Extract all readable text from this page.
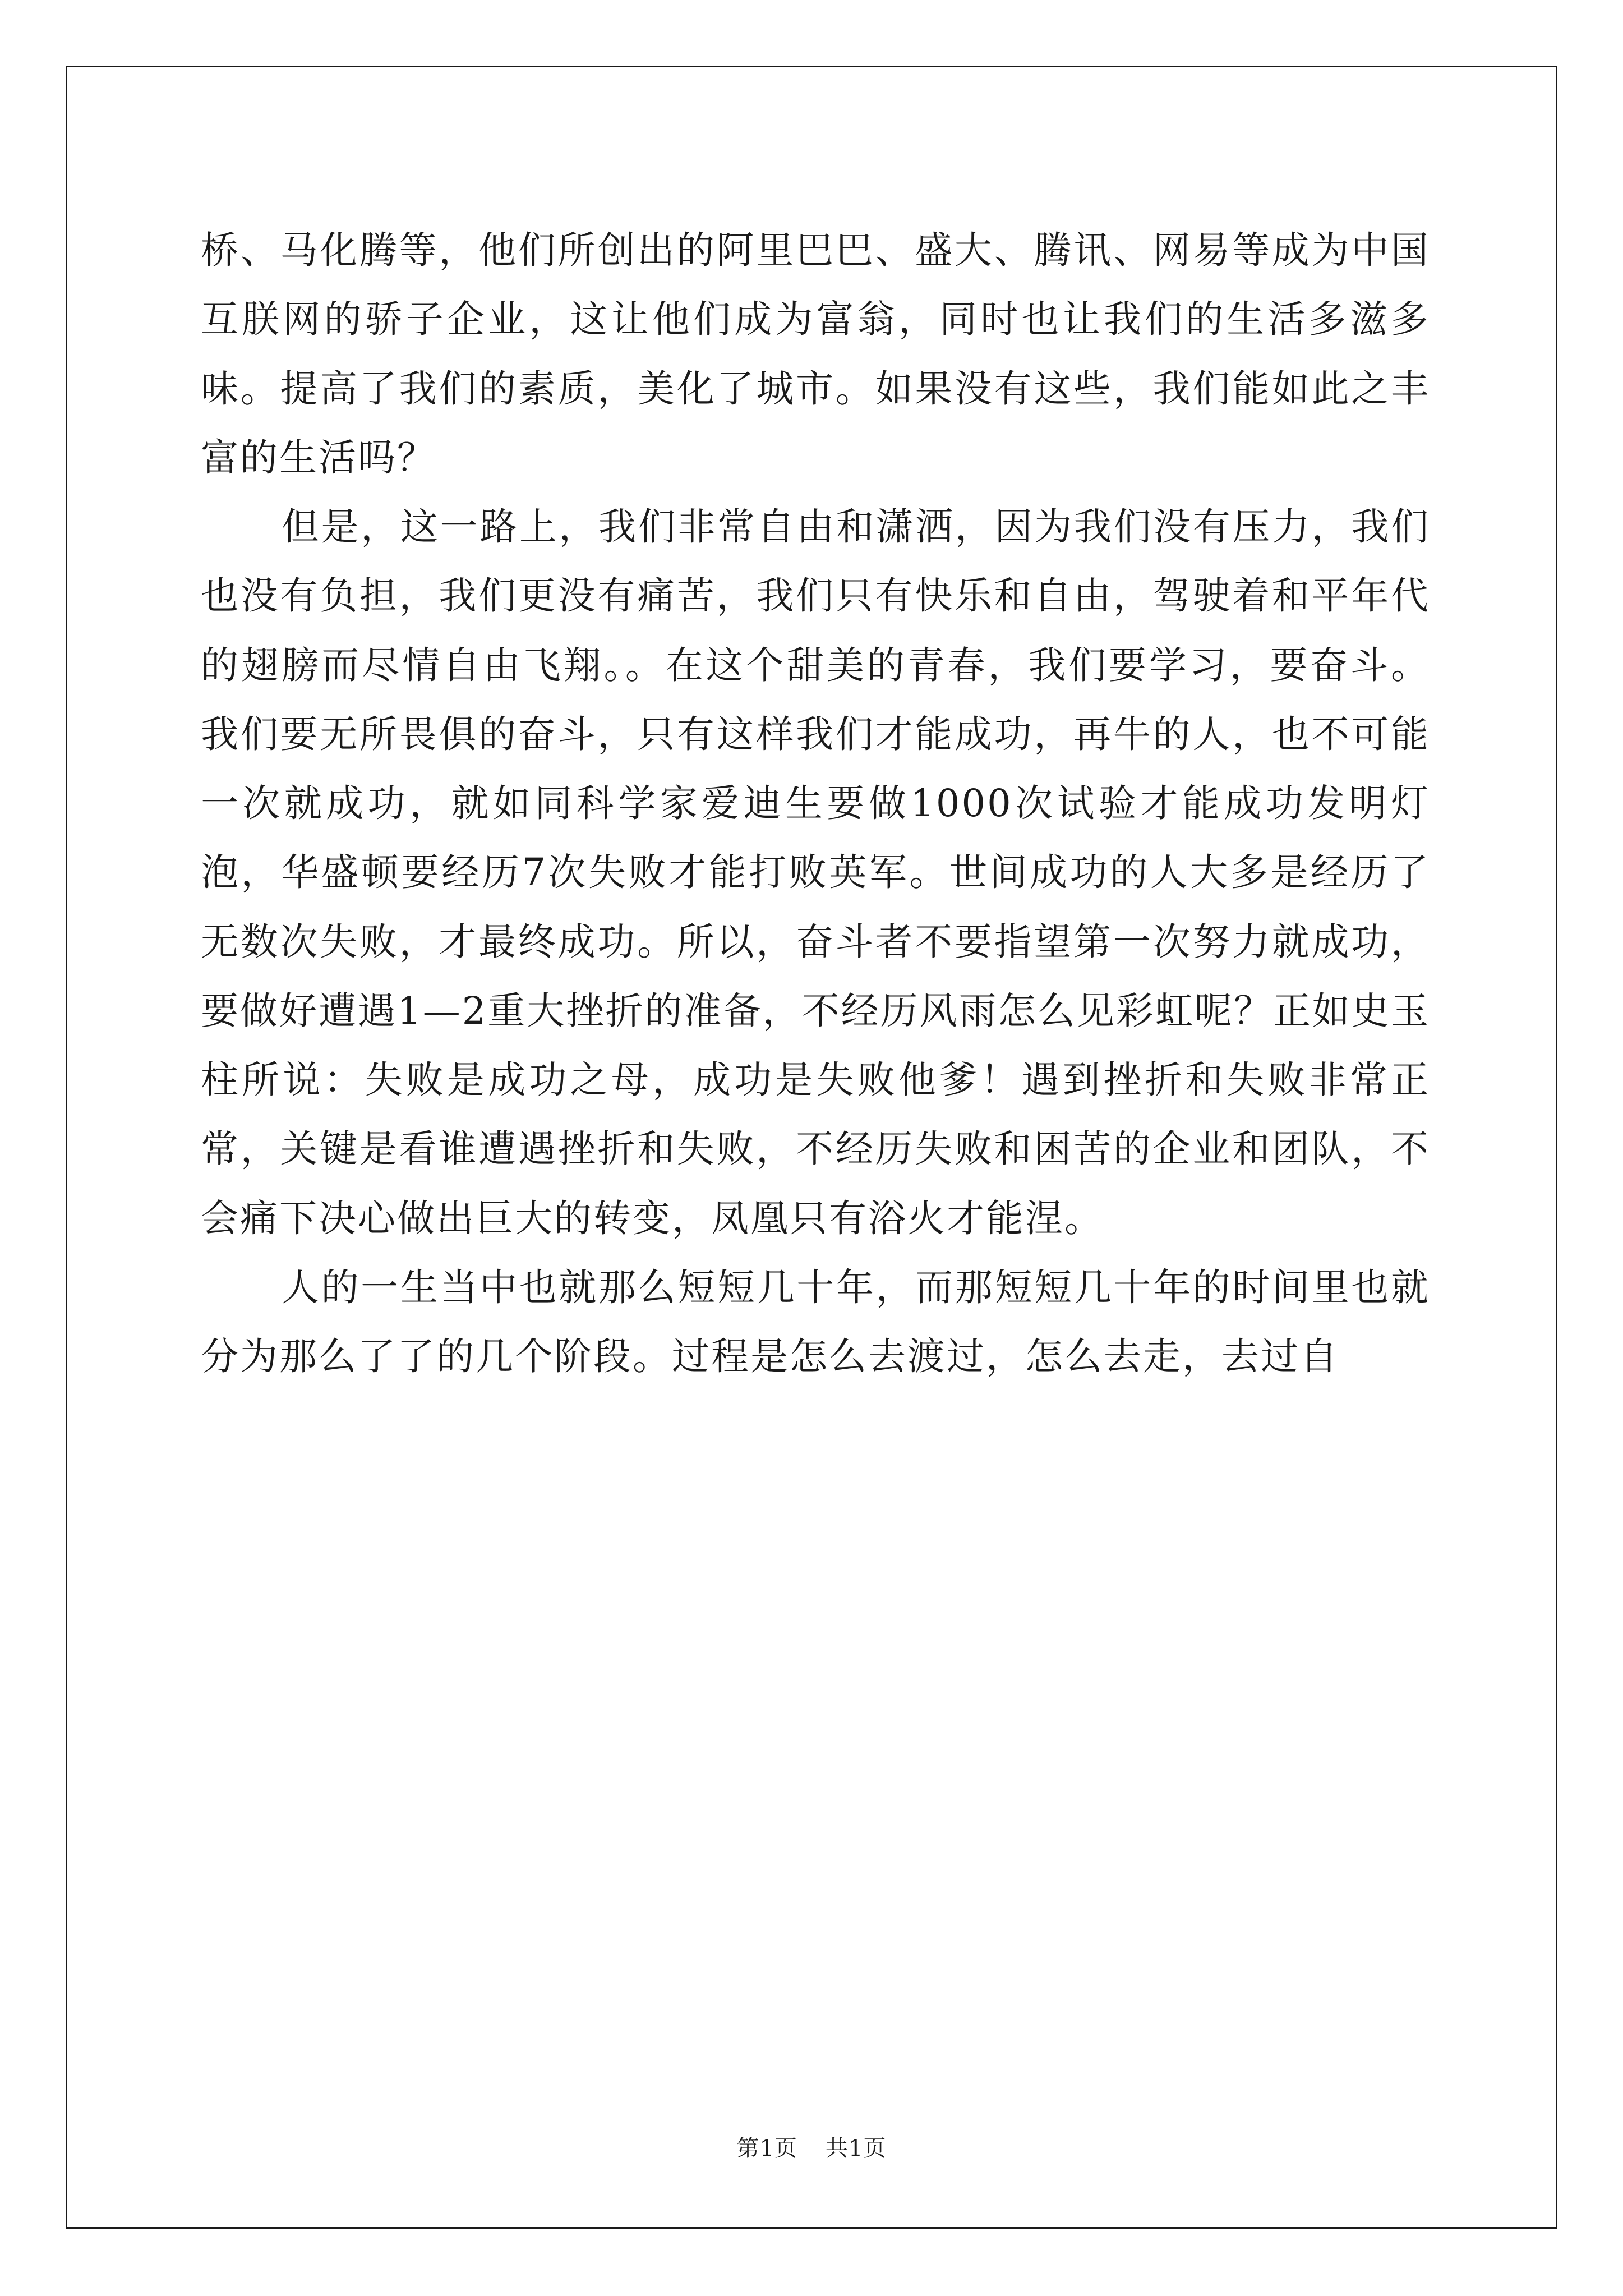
桥、马化腾等，他们所创出的阿里巴巴、盛大、腾讯、网易等成为中国互朕网的骄子企业，这让他们成为富翁，同时也让我们的生活多滋多味。提高了我们的素质，美化了城市。如果没有这些，我们能如此之丰富的生活吗？

但是，这一路上，我们非常自由和潇洒，因为我们没有压力，我们也没有负担，我们更没有痛苦，我们只有快乐和自由，驾驶着和平年代的翅膀而尽情自由飞翔。。在这个甜美的青春，我们要学习，要奋斗。我们要无所畏俱的奋斗，只有这样我们才能成功，再牛的人，也不可能一次就成功，就如同科学家爱迪生要做1000次试验才能成功发明灯泡，华盛顿要经历7次失败才能打败英军。世间成功的人大多是经历了无数次失败，才最终成功。所以，奋斗者不要指望第一次努力就成功，要做好遭遇1—2重大挫折的准备，不经历风雨怎么见彩虹呢？正如史玉柱所说：失败是成功之母，成功是失败他爹！遇到挫折和失败非常正常，关键是看谁遭遇挫折和失败，不经历失败和困苦的企业和团队，不会痛下决心做出巨大的转变，凤凰只有浴火才能涅。

人的一生当中也就那么短短几十年，而那短短几十年的时间里也就分为那么了了的几个阶段。过程是怎么去渡过，怎么去走，去过自

第1页 共1页
